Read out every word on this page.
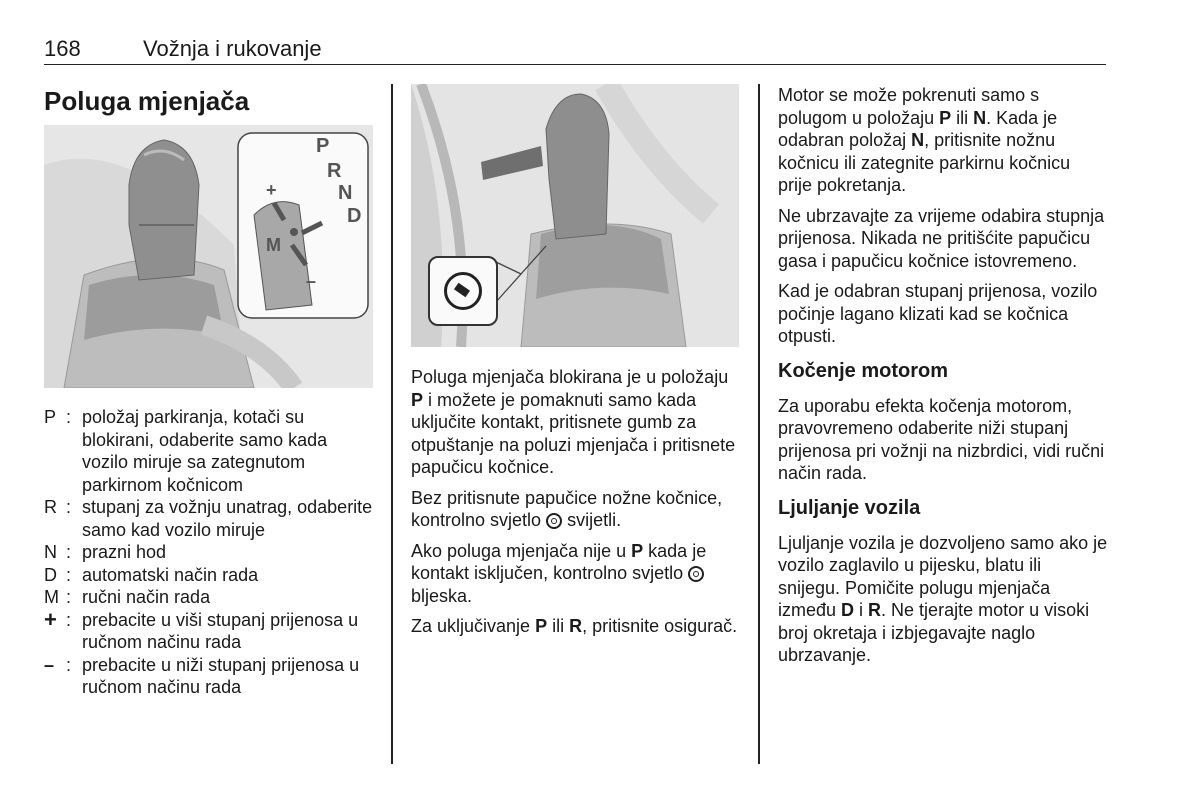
168	Vožnja i rukovanje
Poluga mjenjača
P
R
N
D
M
+
–
P : položaj parkiranja, kotači su blokirani, odaberite samo kada vozilo miruje sa zategnutom parkirnom kočnicom
R : stupanj za vožnju unatrag, odaberite samo kad vozilo miruje
N : prazni hod
D : automatski način rada
M : ručni način rada
+ : prebacite u viši stupanj prijenosa u ručnom načinu rada
– : prebacite u niži stupanj prijenosa u ručnom načinu rada

Poluga mjenjača blokirana je u položaju P i možete je pomaknuti samo kada uključite kontakt, pritisnete gumb za otpuštanje na poluzi mjenjača i pritisnete papučicu kočnice.

Bez pritisnute papučice nožne kočnice, kontrolno svjetlo  svijetli.

Ako poluga mjenjača nije u P kada je kontakt isključen, kontrolno svjetlo  bljeska.

Za uključivanje P ili R, pritisnite osigurač.

Motor se može pokrenuti samo s polugom u položaju P ili N. Kada je odabran položaj N, pritisnite nožnu kočnicu ili zategnite parkirnu kočnicu prije pokretanja.

Ne ubrzavajte za vrijeme odabira stupnja prijenosa. Nikada ne pritišćite papučicu gasa i papučicu kočnice istovremeno.

Kad je odabran stupanj prijenosa, vozilo počinje lagano klizati kad se kočnica otpusti.

Kočenje motorom

Za uporabu efekta kočenja motorom, pravovremeno odaberite niži stupanj prijenosa pri vožnji na nizbrdici, vidi ručni način rada.

Ljuljanje vozila

Ljuljanje vozila je dozvoljeno samo ako je vozilo zaglavilo u pijesku, blatu ili snijegu. Pomičite polugu mjenjača između D i R. Ne tjerajte motor u visoki broj okretaja i izbjegavajte naglo ubrzavanje.
